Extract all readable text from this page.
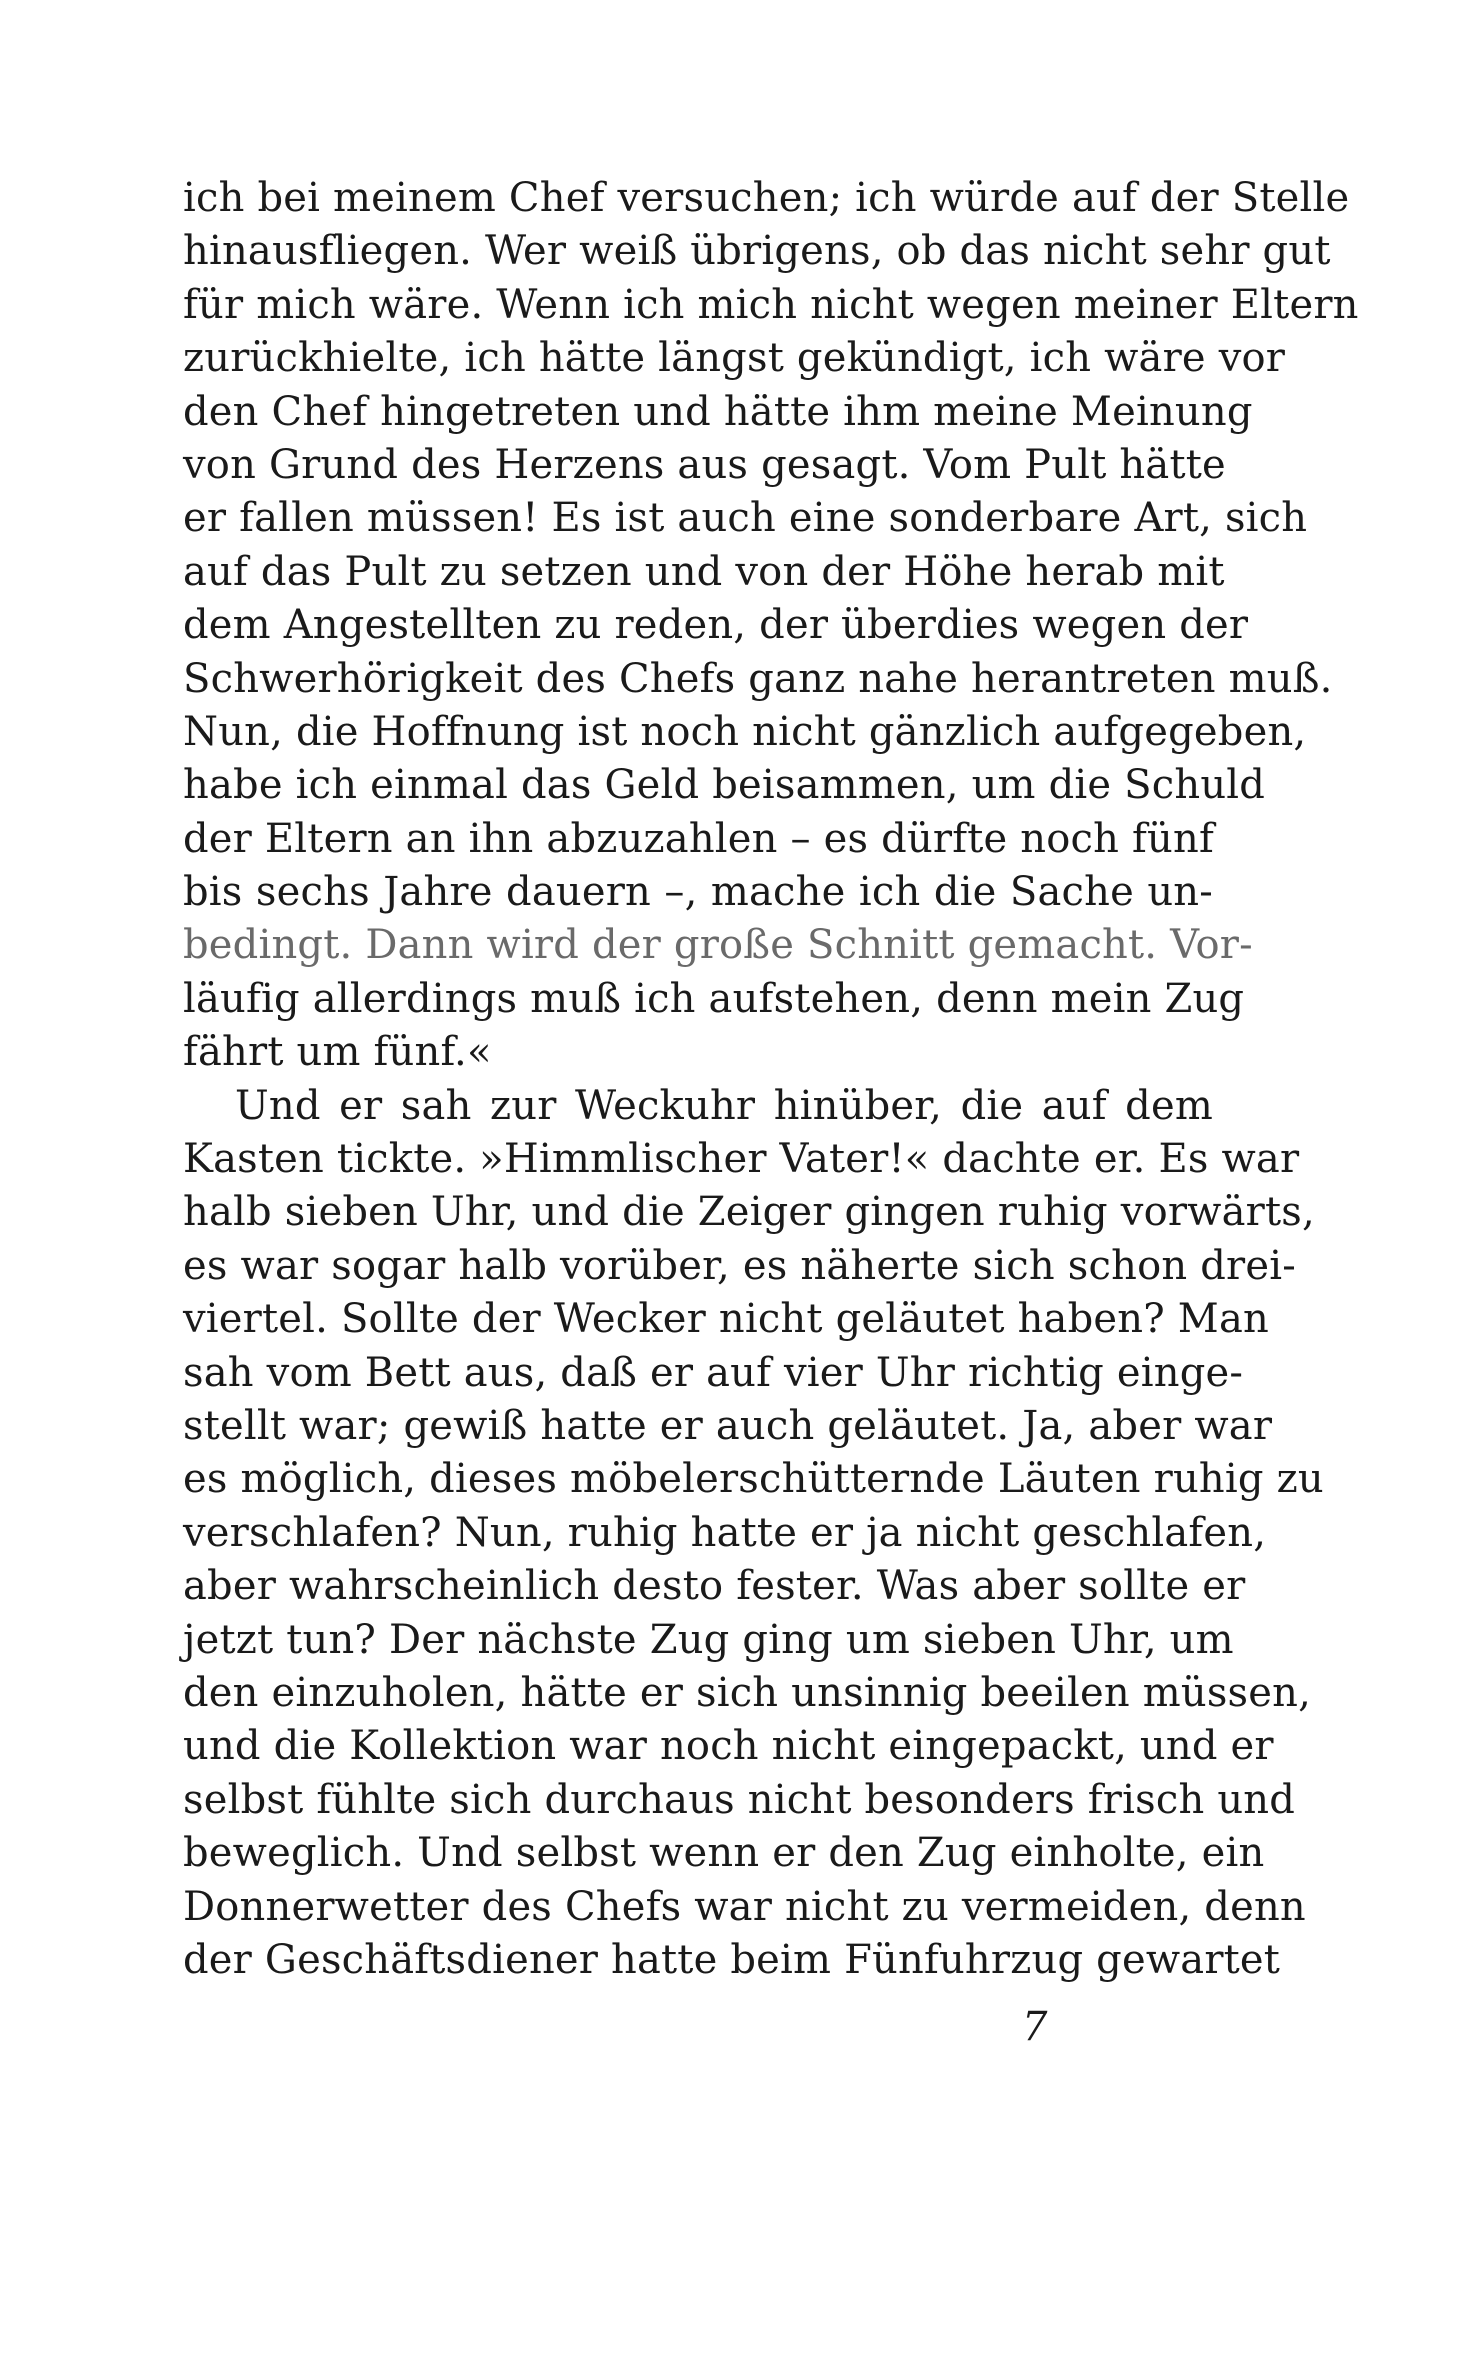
ich bei meinem Chef versuchen; ich würde auf der Stelle
hinausfliegen. Wer weiß übrigens, ob das nicht sehr gut
für mich wäre. Wenn ich mich nicht wegen meiner Eltern
zurückhielte, ich hätte längst gekündigt, ich wäre vor
den Chef hingetreten und hätte ihm meine Meinung
von Grund des Herzens aus gesagt. Vom Pult hätte
er fallen müssen! Es ist auch eine sonderbare Art, sich
auf das Pult zu setzen und von der Höhe herab mit
dem Angestellten zu reden, der überdies wegen der
Schwerhörigkeit des Chefs ganz nahe herantreten muß.
Nun, die Hoffnung ist noch nicht gänzlich aufgegeben,
habe ich einmal das Geld beisammen, um die Schuld
der Eltern an ihn abzuzahlen – es dürfte noch fünf
bis sechs Jahre dauern –, mache ich die Sache un-
bedingt. Dann wird der große Schnitt gemacht. Vor-
läufig allerdings muß ich aufstehen, denn mein Zug
fährt um fünf.«
Und er sah zur Weckuhr hinüber, die auf dem
Kasten tickte. »Himmlischer Vater!« dachte er. Es war
halb sieben Uhr, und die Zeiger gingen ruhig vorwärts,
es war sogar halb vorüber, es näherte sich schon drei-
viertel. Sollte der Wecker nicht geläutet haben? Man
sah vom Bett aus, daß er auf vier Uhr richtig einge-
stellt war; gewiß hatte er auch geläutet. Ja, aber war
es möglich, dieses möbelerschütternde Läuten ruhig zu
verschlafen? Nun, ruhig hatte er ja nicht geschlafen,
aber wahrscheinlich desto fester. Was aber sollte er
jetzt tun? Der nächste Zug ging um sieben Uhr, um
den einzuholen, hätte er sich unsinnig beeilen müssen,
und die Kollektion war noch nicht eingepackt, und er
selbst fühlte sich durchaus nicht besonders frisch und
beweglich. Und selbst wenn er den Zug einholte, ein
Donnerwetter des Chefs war nicht zu vermeiden, denn
der Geschäftsdiener hatte beim Fünfuhrzug gewartet
7
